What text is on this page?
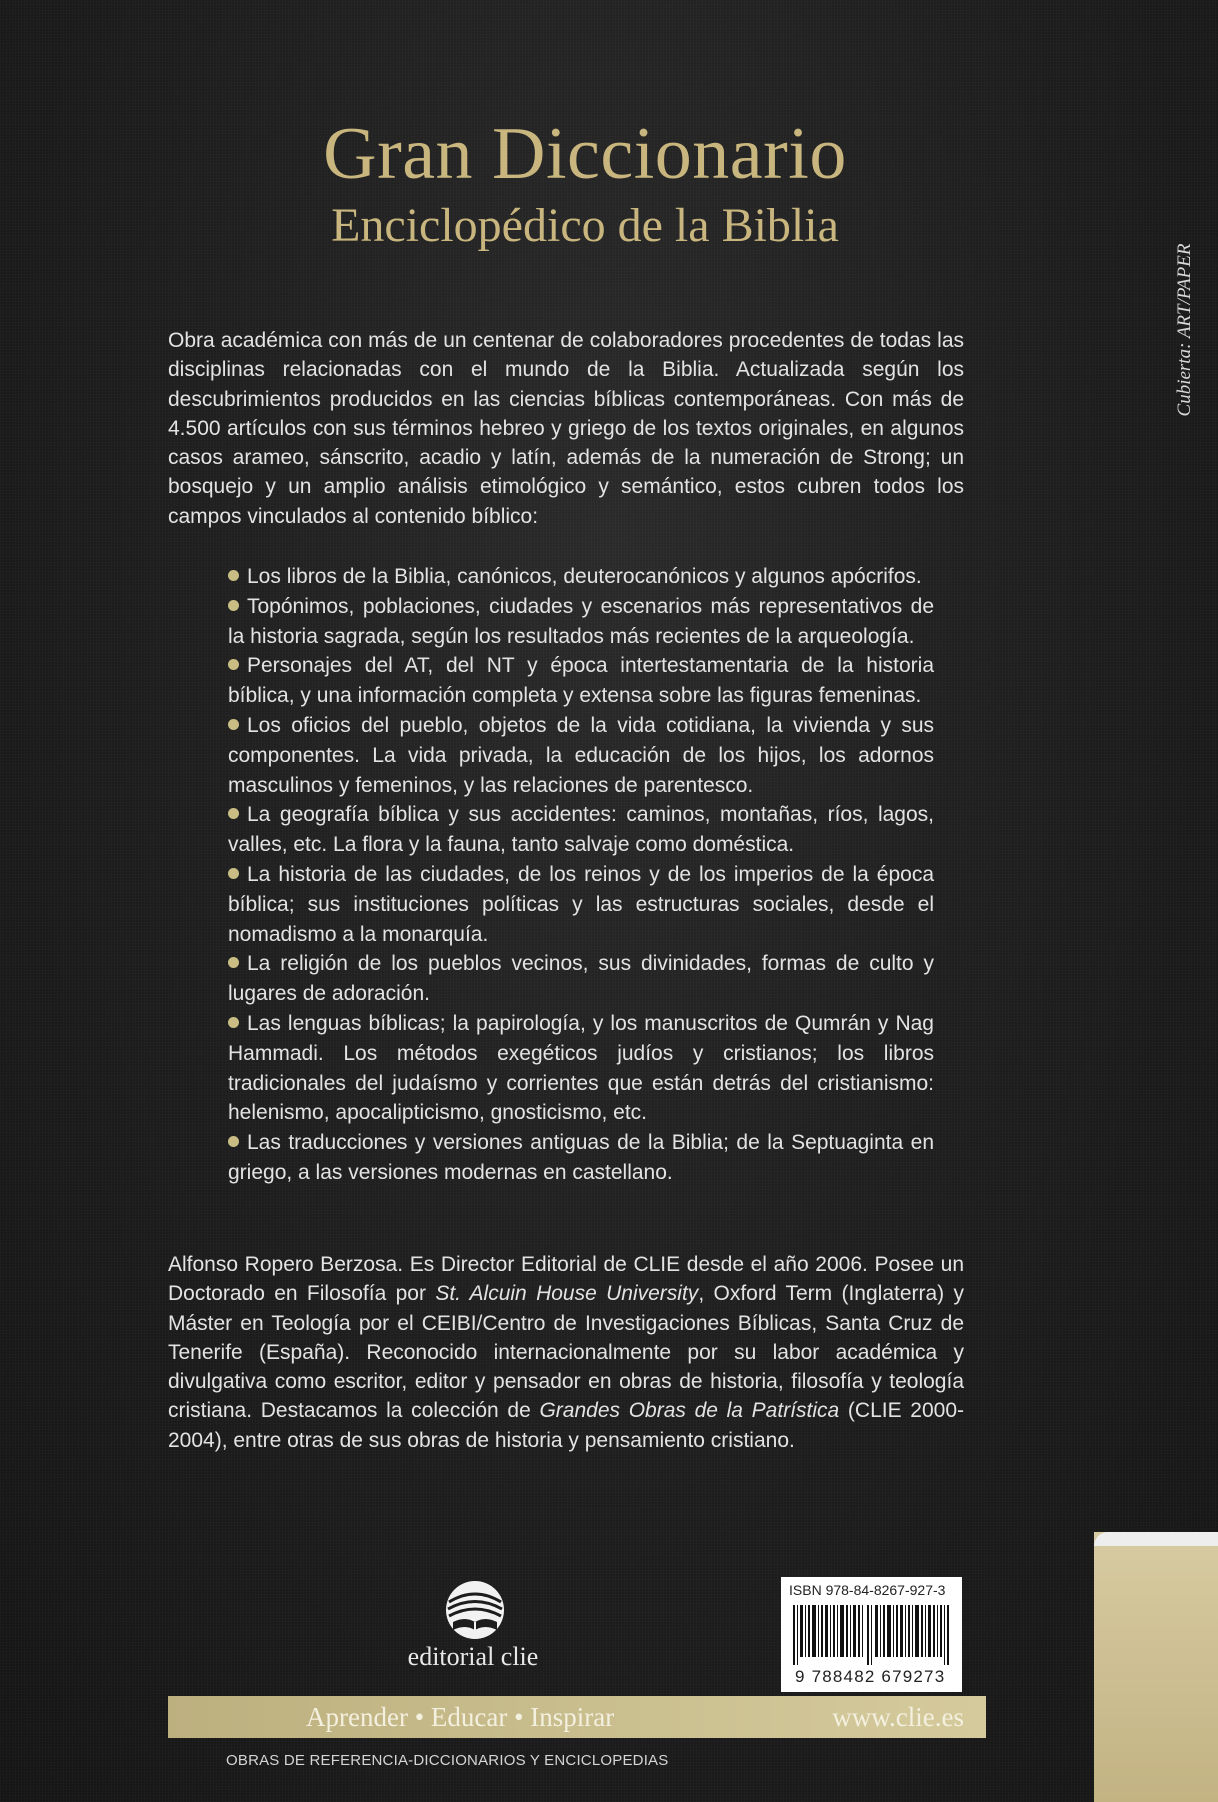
Gran Diccionario
Enciclopédico de la Biblia
Cubierta: ART/PAPER

Obra académica con más de un centenar de colaboradores procedentes de todas las disciplinas relacionadas con el mundo de la Biblia. Actualizada según los descubrimientos producidos en las ciencias bíblicas contemporáneas. Con más de 4.500 artículos con sus términos hebreo y griego de los textos originales, en algunos casos arameo, sánscrito, acadio y latín, además de la numeración de Strong; un bosquejo y un amplio análisis etimológico y semántico, estos cubren todos los campos vinculados al contenido bíblico:

Los libros de la Biblia, canónicos, deuterocanónicos y algunos apócrifos.
Topónimos, poblaciones, ciudades y escenarios más representativos de la historia sagrada, según los resultados más recientes de la arqueología.
Personajes del AT, del NT y época intertestamentaria de la historia bíblica, y una información completa y extensa sobre las figuras femeninas.
Los oficios del pueblo, objetos de la vida cotidiana, la vivienda y sus componentes. La vida privada, la educación de los hijos, los adornos masculinos y femeninos, y las relaciones de parentesco.
La geografía bíblica y sus accidentes: caminos, montañas, ríos, lagos, valles, etc. La flora y la fauna, tanto salvaje como doméstica.
La historia de las ciudades, de los reinos y de los imperios de la época bíblica; sus instituciones políticas y las estructuras sociales, desde el nomadismo a la monarquía.
La religión de los pueblos vecinos, sus divinidades, formas de culto y lugares de adoración.
Las lenguas bíblicas; la papirología, y los manuscritos de Qumrán y Nag Hammadi. Los métodos exegéticos judíos y cristianos; los libros tradicionales del judaísmo y corrientes que están detrás del cristianismo: helenismo, apocalipticismo, gnosticismo, etc.
Las traducciones y versiones antiguas de la Biblia; de la Septuaginta en griego, a las versiones modernas en castellano.

Alfonso Ropero Berzosa. Es Director Editorial de CLIE desde el año 2006. Posee un Doctorado en Filosofía por St. Alcuin House University, Oxford Term (Inglaterra) y Máster en Teología por el CEIBI/Centro de Investigaciones Bíblicas, Santa Cruz de Tenerife (España). Reconocido internacionalmente por su labor académica y divulgativa como escritor, editor y pensador en obras de historia, filosofía y teología cristiana. Destacamos la colección de Grandes Obras de la Patrística (CLIE 2000-2004), entre otras de sus obras de historia y pensamiento cristiano.

editorial clie
ISBN 978-84-8267-927-3
9 788482 679273
Aprender • Educar • Inspirar	www.clie.es
OBRAS DE REFERENCIA-DICCIONARIOS Y ENCICLOPEDIAS
